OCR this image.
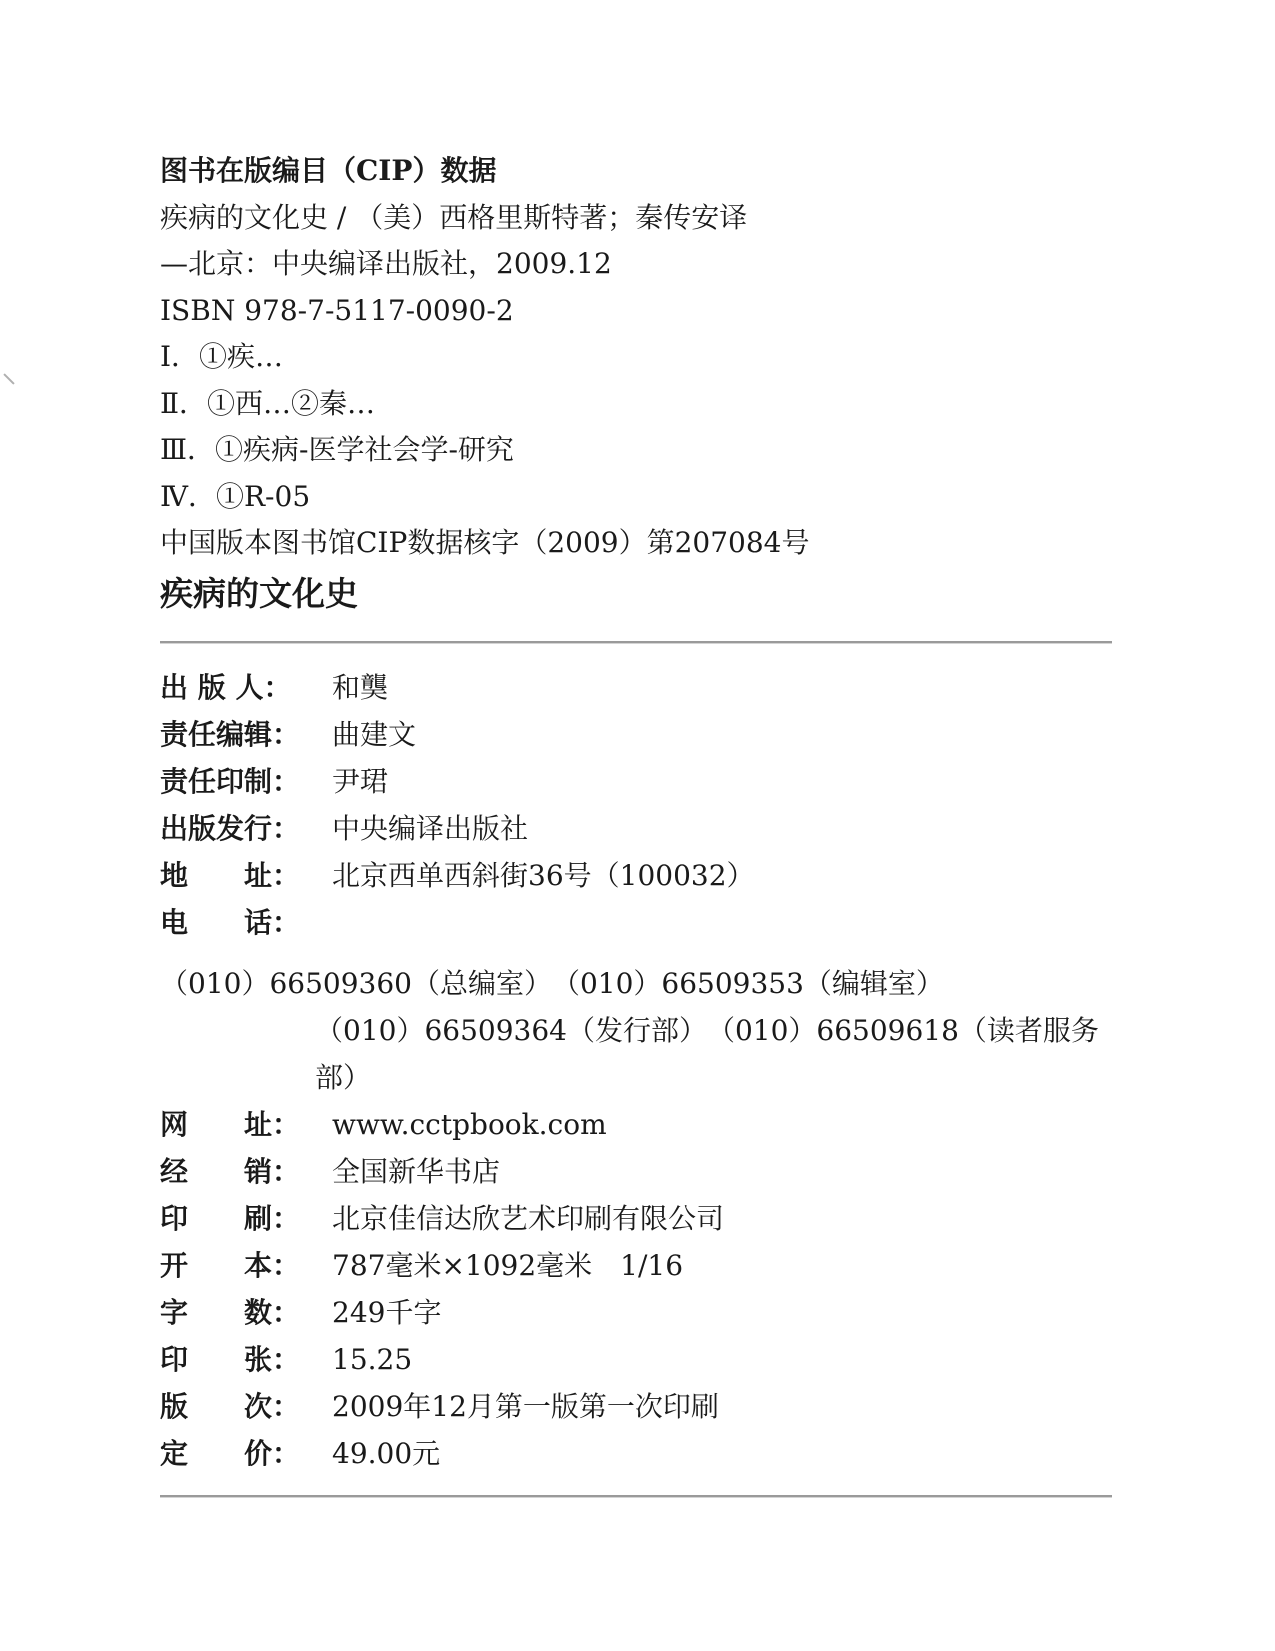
图书在版编目（CIP）数据
疾病的文化史 / （美）西格里斯特著；秦传安译
—北京：中央编译出版社，2009.12
ISBN 978-7-5117-0090-2
Ⅰ．①疾…
Ⅱ．①西…②秦…
Ⅲ．①疾病-医学社会学-研究
Ⅳ．①R-05
中国版本图书馆CIP数据核字（2009）第207084号
疾病的文化史
出 版 人：	和龑
责任编辑：	曲建文
责任印制：	尹珺
出版发行：	中央编译出版社
地　　址：	北京西单西斜街36号（100032）
电　　话：（010）66509360（总编室）　（010）66509353（编辑室）
（010）66509364（发行部）　（010）66509618（读者服务部）
网　　址：	www.cctpbook.com
经　　销：	全国新华书店
印　　刷：	北京佳信达欣艺术印刷有限公司
开　　本：	787毫米×1092毫米　1/16
字　　数：	249千字
印　　张：	15.25
版　　次：	2009年12月第一版第一次印刷
定　　价：	49.00元
